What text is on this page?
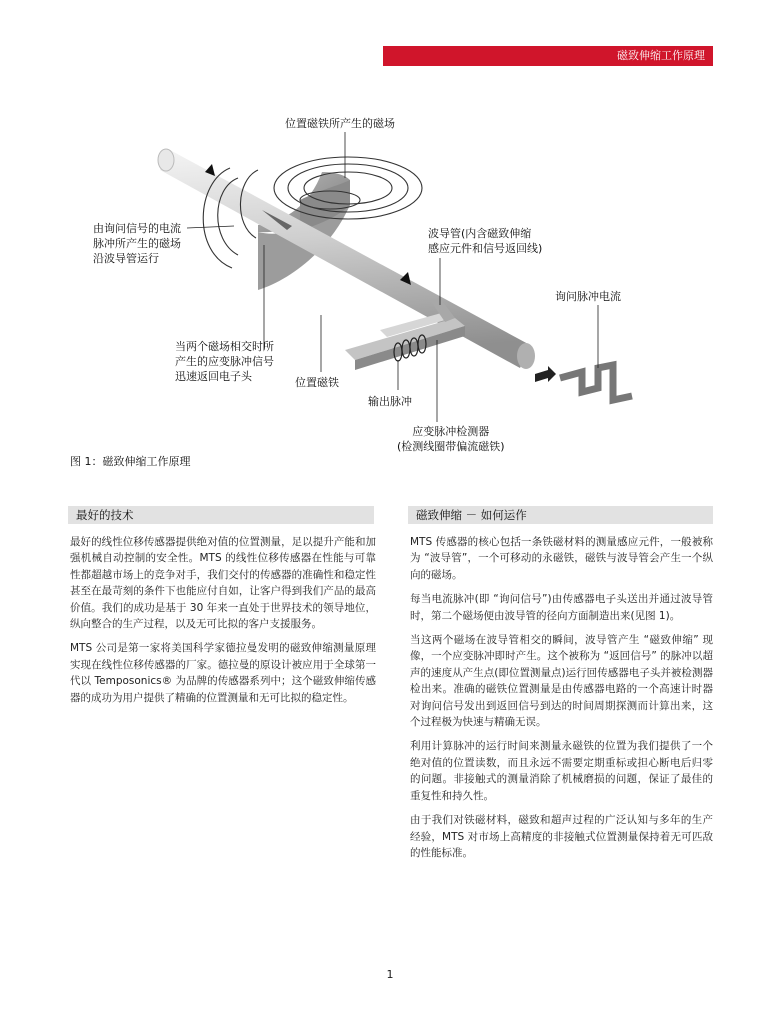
磁致伸缩工作原理
位置磁铁所产生的磁场
由询问信号的电流
脉冲所产生的磁场
沿波导管运行
波导管(内含磁致伸缩
感应元件和信号返回线)
询问脉冲电流
当两个磁场相交时所
产生的应变脉冲信号
迅速返回电子头	位置磁铁
输出脉冲
应变脉冲检测器
(检测线圈带偏流磁铁)
图 1：磁致伸缩工作原理
最好的技术

最好的线性位移传感器提供绝对值的位置测量，足以提升产能和加强机械自动控制的安全性。MTS 的线性位移传感器在性能与可靠性都超越市场上的竞争对手，我们交付的传感器的准确性和稳定性甚至在最苛刻的条件下也能应付自如，让客户得到我们产品的最高价值。我们的成功是基于 30 年来一直处于世界技术的领导地位，纵向整合的生产过程，以及无可比拟的客户支援服务。

MTS 公司是第一家将美国科学家德拉曼发明的磁致伸缩测量原理实现在线性位移传感器的厂家。德拉曼的原设计被应用于全球第一代以 Temposonics® 为品牌的传感器系列中；这个磁致伸缩传感器的成功为用户提供了精确的位置测量和无可比拟的稳定性。

磁致伸缩 － 如何运作

MTS 传感器的核心包括一条铁磁材料的测量感应元件，一般被称为 “波导管”，一个可移动的永磁铁，磁铁与波导管会产生一个纵向的磁场。

每当电流脉冲(即 “询问信号”)由传感器电子头送出并通过波导管时，第二个磁场便由波导管的径向方面制造出来(见图 1)。

当这两个磁场在波导管相交的瞬间，波导管产生 “磁致伸缩” 现像，一个应变脉冲即时产生。这个被称为 “返回信号” 的脉冲以超声的速度从产生点(即位置测量点)运行回传感器电子头并被检测器检出来。准确的磁铁位置测量是由传感器电路的一个高速计时器对询问信号发出到返回信号到达的时间周期探测而计算出来，这个过程极为快速与精确无误。

利用计算脉冲的运行时间来测量永磁铁的位置为我们提供了一个绝对值的位置读数，而且永远不需要定期重标或担心断电后归零的问题。非接触式的测量消除了机械磨损的问题，保证了最佳的重复性和持久性。

由于我们对铁磁材料，磁致和超声过程的广泛认知与多年的生产经验，MTS 对市场上高精度的非接触式位置测量保持着无可匹敌的性能标准。

1
